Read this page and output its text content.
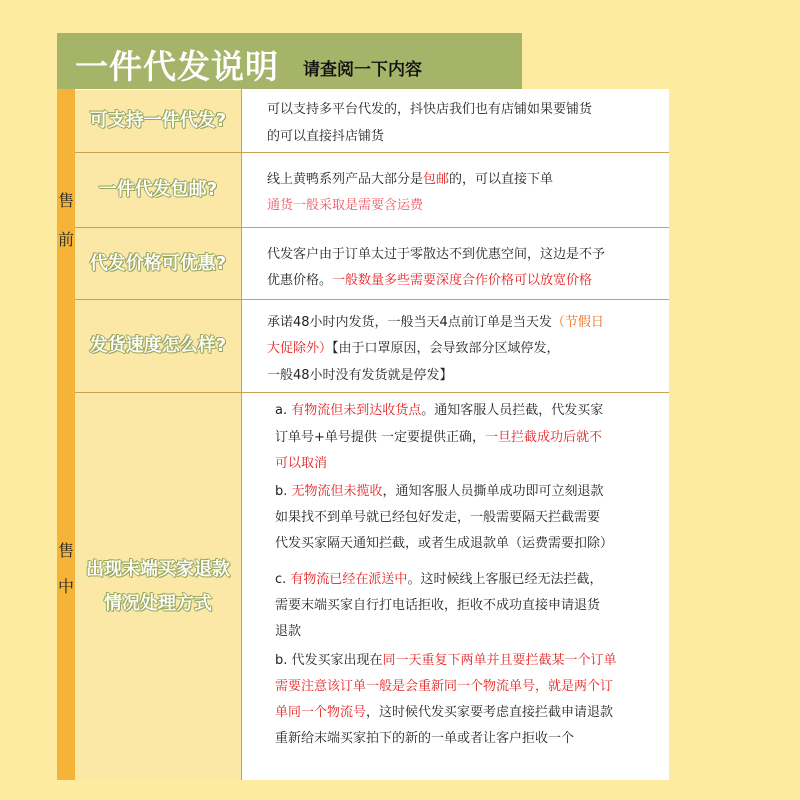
一件代发说明 请查阅一下内容
售
前
售
中
可支持一件代发?
一件代发包邮?
代发价格可优惠?
发货速度怎么样?
出现末端买家退款
情况处理方式
可以支持多平台代发的，抖快店我们也有店铺如果要铺货
的可以直接抖店铺货
线上黄鸭系列产品大部分是包邮的，可以直接下单
通货一般采取是需要含运费
代发客户由于订单太过于零散达不到优惠空间，这边是不予
优惠价格。一般数量多些需要深度合作价格可以放宽价格
承诺48小时内发货，一般当天4点前订单是当天发（节假日
大促除外）【由于口罩原因，会导致部分区域停发，
一般48小时没有发货就是停发】
a. 有物流但未到达收货点。通知客服人员拦截，代发买家
订单号+单号提供 一定要提供正确，一旦拦截成功后就不
可以取消
b. 无物流但未揽收，通知客服人员撕单成功即可立刻退款
如果找不到单号就已经包好发走，一般需要隔天拦截需要
代发买家隔天通知拦截，或者生成退款单（运费需要扣除）
c. 有物流已经在派送中。这时候线上客服已经无法拦截，
需要末端买家自行打电话拒收，拒收不成功直接申请退货
退款
b. 代发买家出现在同一天重复下两单并且要拦截某一个订单
需要注意该订单一般是会重新同一个物流单号，就是两个订
单同一个物流号，这时候代发买家要考虑直接拦截申请退款
重新给末端买家拍下的新的一单或者让客户拒收一个
